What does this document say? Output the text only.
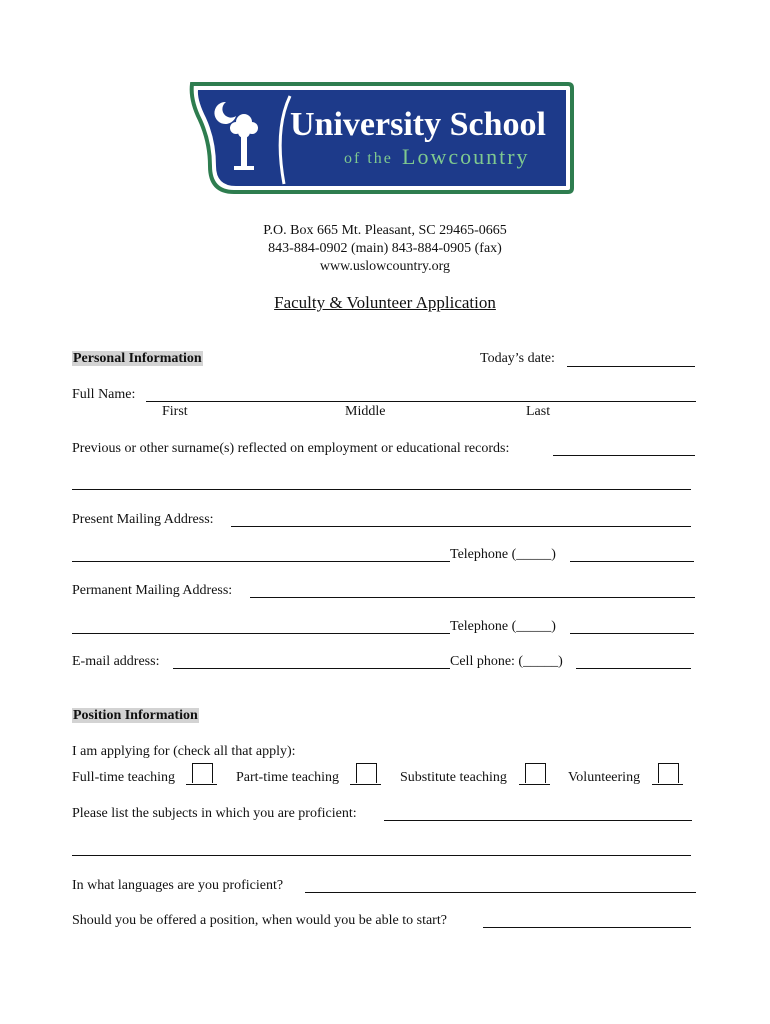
University School
of the Lowcountry
P.O. Box 665 Mt. Pleasant, SC 29465-0665
843-884-0902 (main) 843-884-0905 (fax)
www.uslowcountry.org
Faculty & Volunteer Application
Personal Information	Today’s date:
Full Name:
First	Middle	Last
Previous or other surname(s) reflected on employment or educational records:
Present Mailing Address:
Telephone (_____)
Permanent Mailing Address:
Telephone (_____)
E-mail address:	Cell phone: (_____)
Position Information
I am applying for (check all that apply):
Full-time teaching	Part-time teaching	Substitute teaching	Volunteering
Please list the subjects in which you are proficient:
In what languages are you proficient?
Should you be offered a position, when would you be able to start?
